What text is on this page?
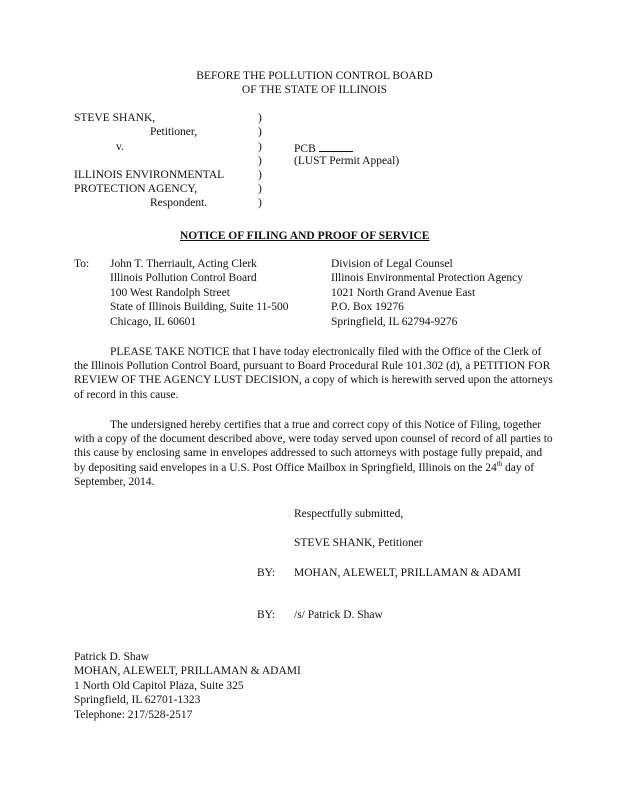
BEFORE THE POLLUTION CONTROL BOARD
OF THE STATE OF ILLINOIS
STEVE SHANK,
Petitioner,
v.
ILLINOIS ENVIRONMENTAL
PROTECTION AGENCY,
Respondent.
)
)
)
)
)
)
)
PCB
(LUST Permit Appeal)
NOTICE OF FILING AND PROOF OF SERVICE
To: John T. Therriault, Acting Clerk
Illinois Pollution Control Board
100 West Randolph Street
State of Illinois Building, Suite 11-500
Chicago, IL 60601
Division of Legal Counsel
Illinois Environmental Protection Agency
1021 North Grand Avenue East
P.O. Box 19276
Springfield, IL 62794-9276
PLEASE TAKE NOTICE that I have today electronically filed with the Office of the Clerk of the Illinois Pollution Control Board, pursuant to Board Procedural Rule 101.302 (d), a PETITION FOR REVIEW OF THE AGENCY LUST DECISION, a copy of which is herewith served upon the attorneys of record in this cause.
The undersigned hereby certifies that a true and correct copy of this Notice of Filing, together with a copy of the document described above, were today served upon counsel of record of all parties to this cause by enclosing same in envelopes addressed to such attorneys with postage fully prepaid, and by depositing said envelopes in a U.S. Post Office Mailbox in Springfield, Illinois on the 24th day of September, 2014.
Respectfully submitted,
STEVE SHANK, Petitioner
BY: MOHAN, ALEWELT, PRILLAMAN & ADAMI
BY: /s/ Patrick D. Shaw
Patrick D. Shaw
MOHAN, ALEWELT, PRILLAMAN & ADAMI
1 North Old Capitol Plaza, Suite 325
Springfield, IL 62701-1323
Telephone: 217/528-2517
